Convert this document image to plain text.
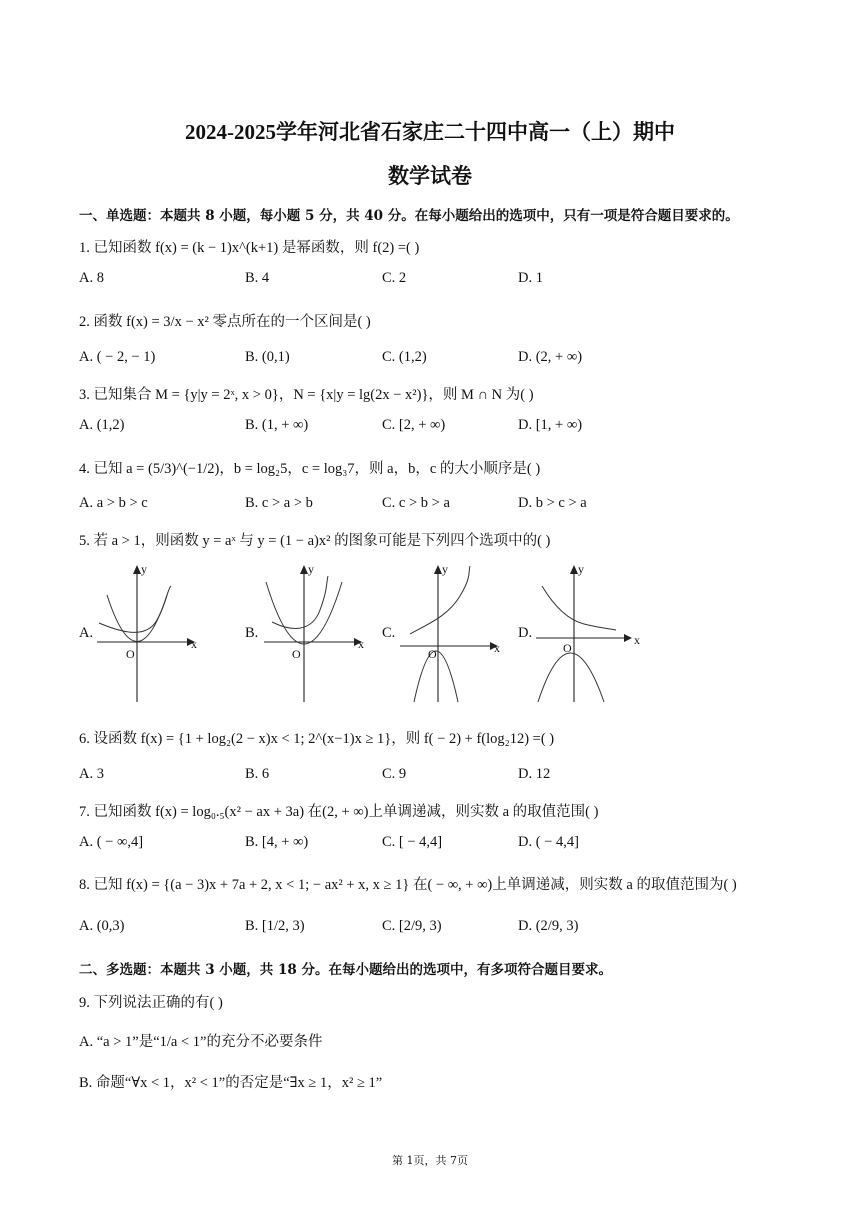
2024-2025学年河北省石家庄二十四中高一（上）期中
数学试卷
一、单选题：本题共 8 小题，每小题 5 分，共 40 分。在每小题给出的选项中，只有一项是符合题目要求的。
1. 已知函数 f(x) = (k − 1)x^(k+1) 是幂函数，则 f(2) =( )
A. 8	B. 4	C. 2	D. 1
2. 函数 f(x) = 3/x − x² 零点所在的一个区间是( )
A. ( − 2, − 1)	B. (0,1)	C. (1,2)	D. (2, + ∞)
3. 已知集合 M = {y|y = 2ˣ, x > 0}，N = {x|y = lg(2x − x²)}，则 M ∩ N 为( )
A. (1,2)	B. (1, + ∞)	C. [2, + ∞)	D. [1, + ∞)
4. 已知 a = (5/3)^(−1/2)，b = log₂5，c = log₃7，则 a，b，c 的大小顺序是( )
A. a > b > c	B. c > a > b	C. c > b > a	D. b > c > a
5. 若 a > 1，则函数 y = aˣ 与 y = (1 − a)x² 的图象可能是下列四个选项中的( )
A.	B.	C.	D.
y
x
O
y
x
O
y
x
O
y
x
O
6. 设函数 f(x) = {1 + log₂(2 − x)x < 1; 2^(x−1)x ≥ 1}，则 f( − 2) + f(log₂12) =( )
A. 3	B. 6	C. 9	D. 12
7. 已知函数 f(x) = log₀.₅(x² − ax + 3a) 在(2, + ∞)上单调递减，则实数 a 的取值范围( )
A. ( − ∞,4]	B. [4, + ∞)	C. [ − 4,4]	D. ( − 4,4]
8. 已知 f(x) = {(a − 3)x + 7a + 2, x < 1; − ax² + x, x ≥ 1} 在( − ∞, + ∞)上单调递减，则实数 a 的取值范围为( )
A. (0,3)	B. [1/2, 3)	C. [2/9, 3)	D. (2/9, 3)
二、多选题：本题共 3 小题，共 18 分。在每小题给出的选项中，有多项符合题目要求。
9. 下列说法正确的有( )
A. “a > 1”是“1/a < 1”的充分不必要条件
B. 命题“∀x < 1，x² < 1”的否定是“∃x ≥ 1，x² ≥ 1”
第 1页，共 7页
